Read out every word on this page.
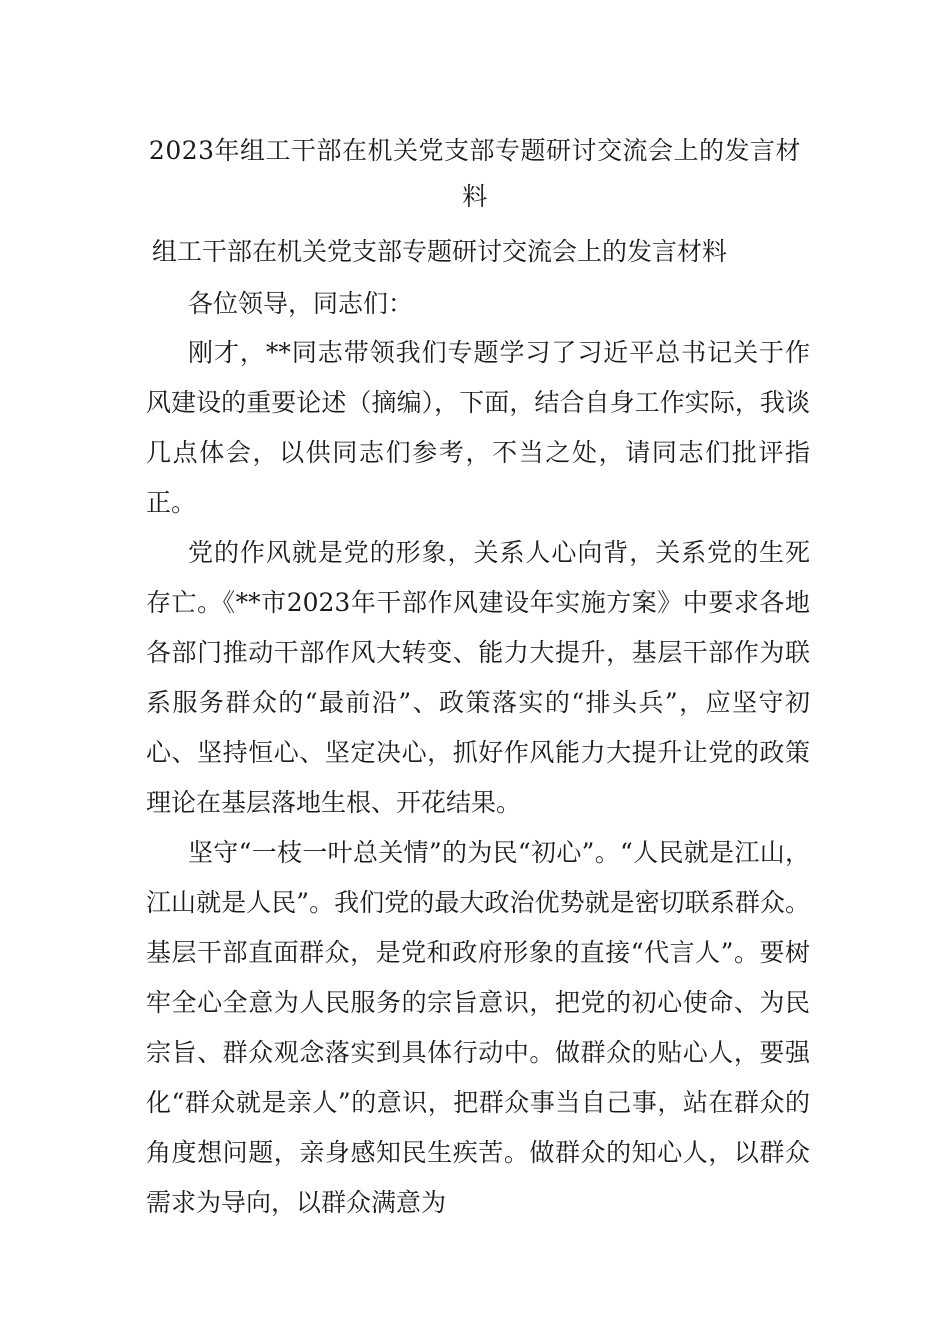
2023年组工干部在机关党支部专题研讨交流会上的发言材料
组工干部在机关党支部专题研讨交流会上的发言材料

各位领导，同志们：

刚才，**同志带领我们专题学习了习近平总书记关于作风建设的重要论述（摘编），下面，结合自身工作实际，我谈几点体会，以供同志们参考，不当之处，请同志们批评指正。

党的作风就是党的形象，关系人心向背，关系党的生死存亡。《**市2023年干部作风建设年实施方案》中要求各地各部门推动干部作风大转变、能力大提升，基层干部作为联系服务群众的“最前沿”、政策落实的“排头兵”，应坚守初心、坚持恒心、坚定决心，抓好作风能力大提升让党的政策理论在基层落地生根、开花结果。

坚守“一枝一叶总关情”的为民“初心”。“人民就是江山，江山就是人民”。我们党的最大政治优势就是密切联系群众。基层干部直面群众，是党和政府形象的直接“代言人”。要树牢全心全意为人民服务的宗旨意识，把党的初心使命、为民宗旨、群众观念落实到具体行动中。做群众的贴心人，要强化“群众就是亲人”的意识，把群众事当自己事，站在群众的角度想问题，亲身感知民生疾苦。做群众的知心人，以群众需求为导向，以群众满意为
